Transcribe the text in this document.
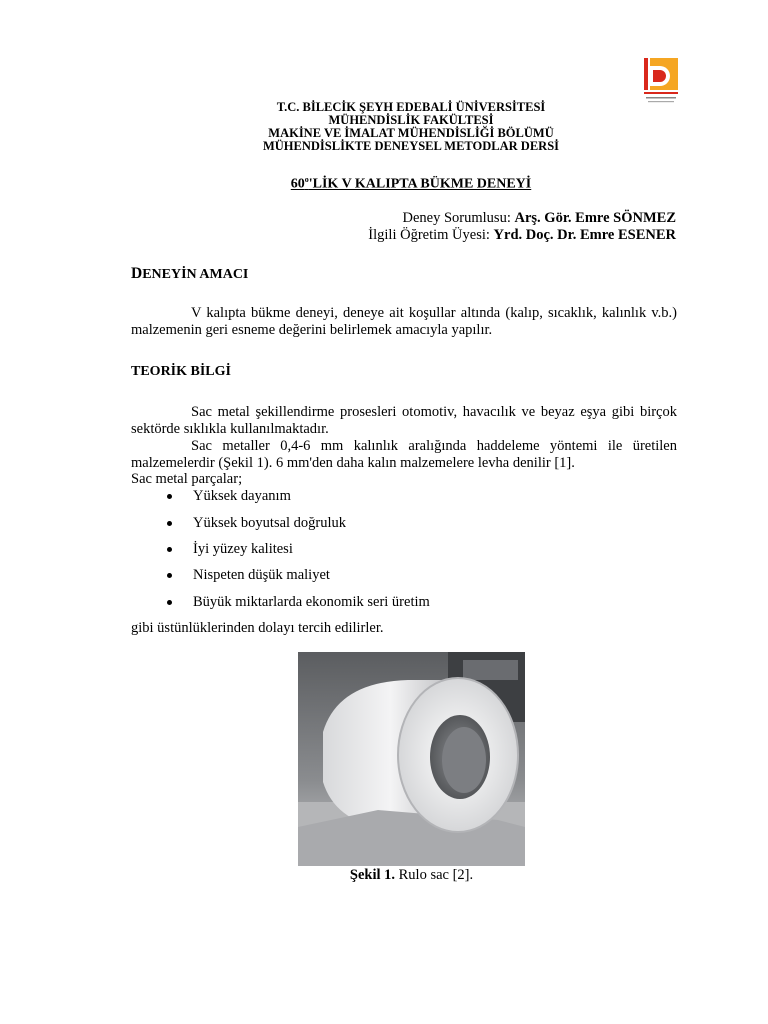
T.C. BİLECİK ŞEYH EDEBALİ ÜNİVERSİTESİ
MÜHENDİSLİK FAKÜLTESİ
MAKİNE VE İMALAT MÜHENDİSLİĞİ BÖLÜMÜ
MÜHENDİSLİKTE DENEYSEL METODLAR DERSİ
60$^o$'LİK V KALIPTA BÜKME DENEYİ
Deney Sorumlusu: Arş. Gör. Emre SÖNMEZ
İlgili Öğretim Üyesi: Yrd. Doç. Dr. Emre ESENER
DENEYİN AMACI
V kalıpta bükme deneyi, deneye ait koşullar altında (kalıp, sıcaklık, kalınlık v.b.) malzemenin geri esneme değerini belirlemek amacıyla yapılır.
TEORİK BİLGİ
Sac metal şekillendirme prosesleri otomotiv, havacılık ve beyaz eşya gibi birçok sektörde sıklıkla kullanılmaktadır.
Sac metaller 0,4-6 mm kalınlık aralığında haddeleme yöntemi ile üretilen malzemelerdir (Şekil 1). 6 mm'den daha kalın malzemelere levha denilir [1].
Sac metal parçalar;
Yüksek dayanım
Yüksek boyutsal doğruluk
İyi yüzey kalitesi
Nispeten düşük maliyet
Büyük miktarlarda ekonomik seri üretim
gibi üstünlüklerinden dolayı tercih edilirler.
Şekil 1. Rulo sac [2].
